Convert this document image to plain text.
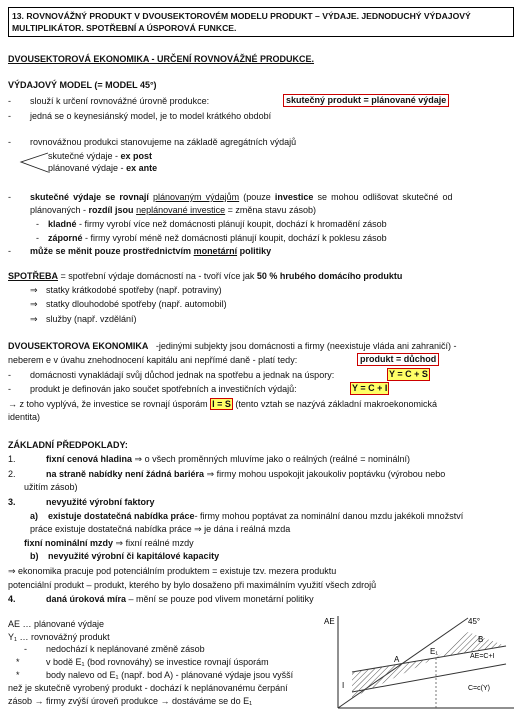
13. ROVNOVÁŽNÝ PRODUKT V DVOUSEKTOROVÉM MODELU PRODUKT – VÝDAJE. JEDNODUCHÝ VÝDAJOVÝ
MULTIPLIKÁTOR. SPOTŘEBNÍ A ÚSPOROVÁ FUNKCE.
DVOUSEKTOROVÁ EKONOMIKA - URČENÍ ROVNOVÁŽNÉ PRODUKCE.
VÝDAJOVÝ MODEL (= MODEL 45°)
- slouží k určení rovnovážné úrovně produkce:	skutečný produkt = plánované výdaje
- jedná se o keynesiánský model, je to model krátkého období
- rovnovážnou produkci stanovujeme na základě agregátních výdajů
skutečné výdaje - ex post
plánované výdaje - ex ante
- skutečné výdaje se rovnají plánovaným výdajům (pouze investice se mohou odlišovat skutečné od
plánovaných - rozdíl jsou neplánované investice = změna stavu zásob)
- kladné - firmy vyrobí více než domácnosti plánují koupit, dochází k hromadění zásob
- záporné - firmy vyrobí méně než domácnosti plánují koupit, dochází k poklesu zásob
- může se měnit pouze prostřednictvím monetární politiky
SPOTŘEBA = spotřební výdaje domácností na - tvoří více jak 50 % hrubého domácího produktu
⇒ statky krátkodobé spotřeby (např. potraviny)
⇒ statky dlouhodobé spotřeby (např. automobil)
⇒ služby (např. vzdělání)
DVOUSEKTOROVA EKONOMIKA -jedinými subjekty jsou domácnosti a firmy (neexistuje vláda ani zahraničí) -
neberem e v úvahu znehodnocení kapitálu ani nepřímé daně - platí tedy:	produkt = důchod
- domácnosti vynakládají svůj důchod jednak na spotřebu a jednak na úspory:	Y = C + S
- produkt je definován jako součet spotřebních a investičních výdajů:	Y = C + I
→ z toho vyplývá, že investice se rovnají úsporám I = S (tento vztah se nazývá základní makroekonomická
identita)
ZÁKLADNÍ PŘEDPOKLADY:
1.	fixní cenová hladina ⇒ o všech proměnných mluvíme jako o reálných (reálné = nominální)
2.	na straně nabídky není žádná bariéra ⇒ firmy mohou uspokojit jakoukoliv poptávku (výrobou nebo
užitím zásob)
3.	nevyužité výrobní faktory
a) existuje dostatečná nabídka práce- firmy mohou poptávat za nominální danou mzdu jakékoli množství
práce existuje dostatečná nabídka práce ⇒ je dána i reálná mzda
fixní nominální mzdy ⇒ fixní reálné mzdy
b) nevyužité výrobní či kapitálové kapacity
⇒ ekonomika pracuje pod potenciálním produktem = existuje tzv. mezera produktu
potenciální produkt – produkt, kterého by bylo dosaženo při maximálním využití všech zdrojů
4.	daná úroková míra – mění se pouze pod vlivem monetární politiky
AE … plánované výdaje
Y₁ … rovnovážný produkt
- nedochází k neplánované změně zásob
*	v bodě E₁ (bod rovnováhy) se investice rovnají úsporám
*	body nalevo od E₁ (např. bod A) - plánované výdaje jsou vyšší
než je skutečně vyrobený produkt - dochází k neplánovanému čerpání
zásob → firmy zvýší úroveň produkce → dostáváme se do E₁
AE	45°
A
E₁
B
AE=C+I
C=c(Y)
I
